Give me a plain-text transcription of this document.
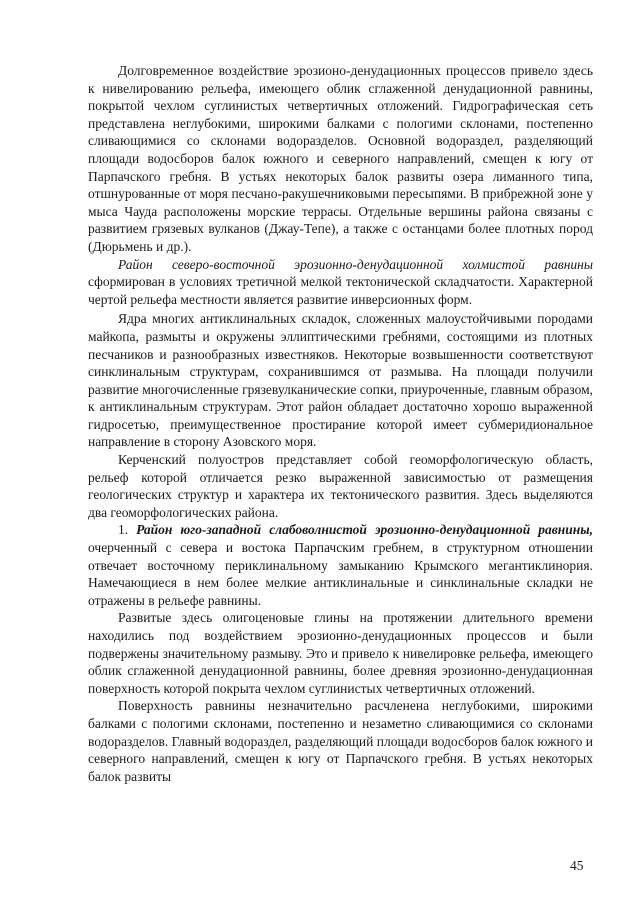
Долговременное воздействие эрозионо-денудационных процессов привело здесь к нивелированию рельефа, имеющего облик сглаженной денудационной равнины, покрытой чехлом суглинистых четвертичных отложений. Гидрографическая сеть представлена неглубокими, широкими балками с пологими склонами, постепенно сливающимися со склонами водоразделов. Основной водораздел, разделяющий площади водосборов балок южного и северного направлений, смещен к югу от Парпачского гребня. В устьях некоторых балок развиты озера лиманного типа, отшнурованные от моря песчано-ракушечниковыми пересыпями. В прибрежной зоне у мыса Чауда расположены морские террасы. Отдельные вершины района связаны с развитием грязевых вулканов (Джау-Тепе), а также с останцами более плотных пород (Дюрьмень и др.).

Район северо-восточной эрозионно-денудационной холмистой равнины сформирован в условиях третичной мелкой тектонической складчатости. Характерной чертой рельефа местности является развитие инверсионных форм.

Ядра многих антиклинальных складок, сложенных малоустойчивыми породами майкопа, размыты и окружены эллиптическими гребнями, состоящими из плотных песчаников и разнообразных известняков. Некоторые возвышенности соответствуют синклинальным структурам, сохранившимся от размыва. На площади получили развитие многочисленные грязевулканические сопки, приуроченные, главным образом, к антиклинальным структурам. Этот район обладает достаточно хорошо выраженной гидросетью, преимущественное простирание которой имеет субмеридиональное направление в сторону Азовского моря.

Керченский полуостров представляет собой геоморфологическую область, рельеф которой отличается резко выраженной зависимостью от размещения геологических структур и характера их тектонического развития. Здесь выделяются два геоморфологических района.

1. Район юго-западной слабоволнистой эрозионно-денудационной равнины, очерченный с севера и востока Парпачским гребнем, в структурном отношении отвечает восточному периклинальному замыканию Крымского мегантиклинория. Намечающиеся в нем более мелкие антиклинальные и синклинальные складки не отражены в рельефе равнины.

Развитые здесь олигоценовые глины на протяжении длительного времени находились под воздействием эрозионно-денудационных процессов и были подвержены значительному размыву. Это и привело к нивелировке рельефа, имеющего облик сглаженной денудационной равнины, более древняя эрозионно-денудационная поверхность которой покрыта чехлом суглинистых четвертичных отложений.

Поверхность равнины незначительно расчленена неглубокими, широкими балками с пологими склонами, постепенно и незаметно сливающимися со склонами водоразделов. Главный водораздел, разделяющий площади водосборов балок южного и северного направлений, смещен к югу от Парпачского гребня. В устьях некоторых балок развиты

45
